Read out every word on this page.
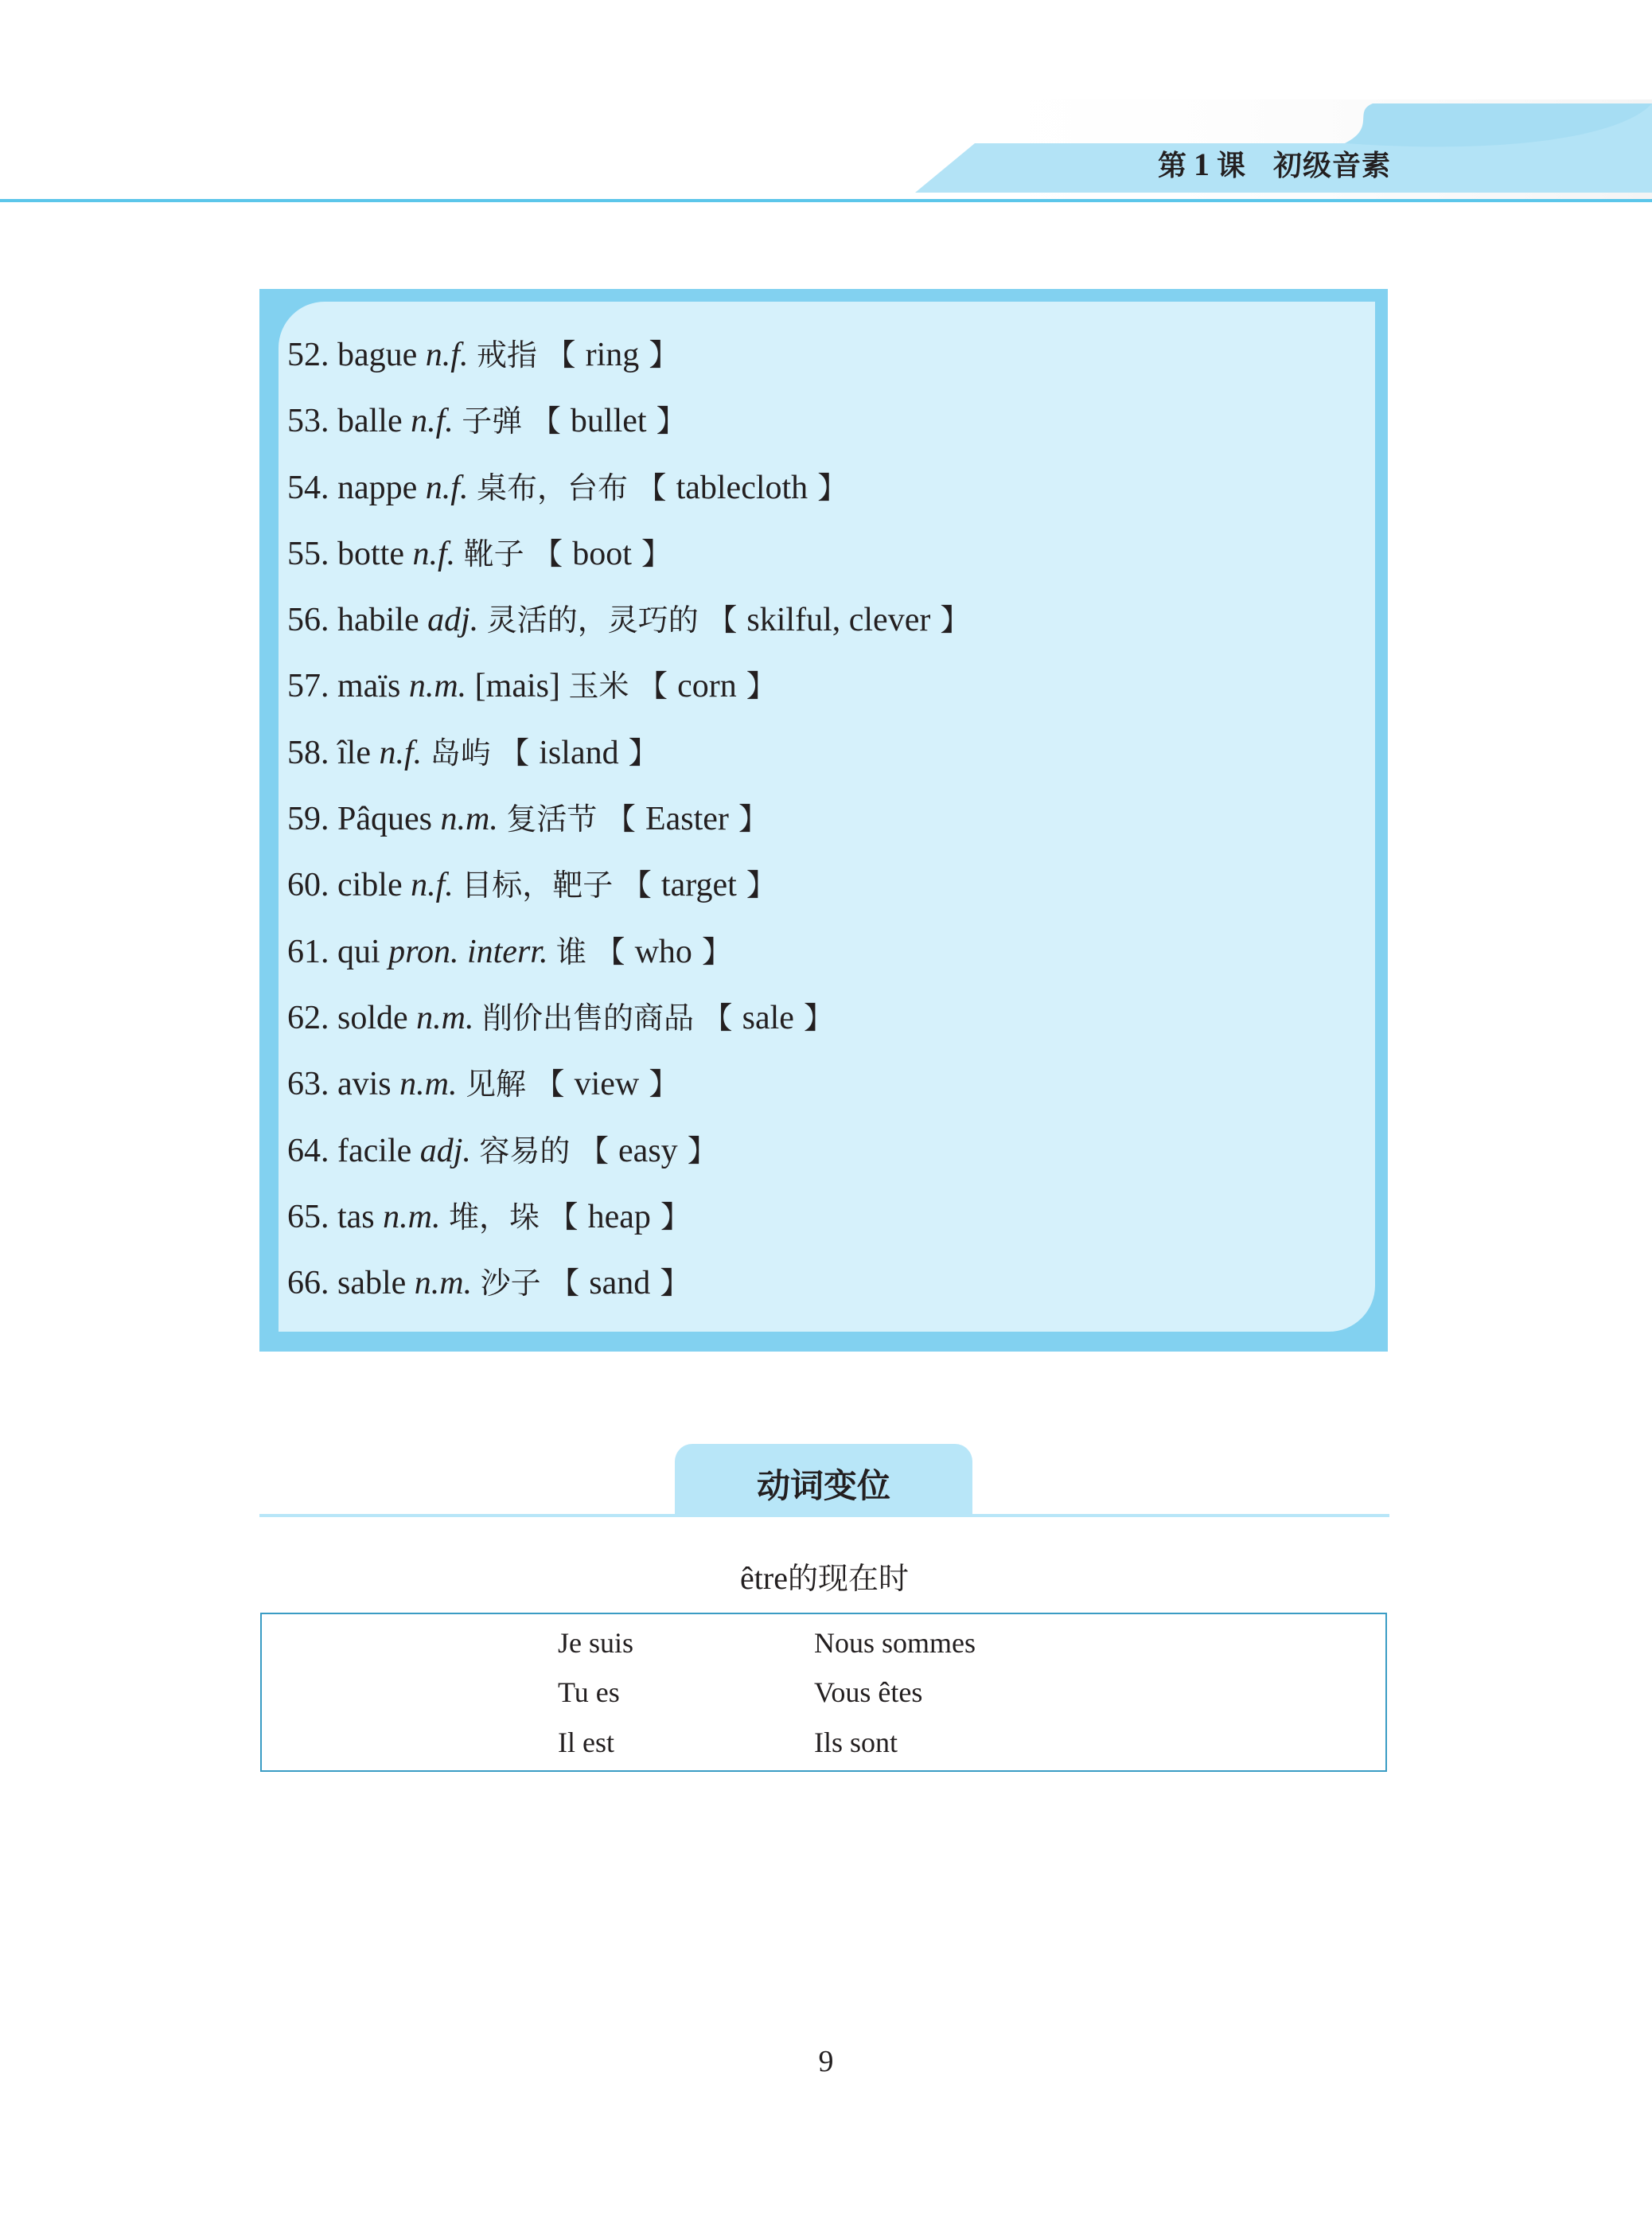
第 1 课 初级音素
52. bague n.f. 戒指 【 ring 】
53. balle n.f. 子弹 【 bullet 】
54. nappe n.f. 桌布，台布 【 tablecloth 】
55. botte n.f. 靴子 【 boot 】
56. habile adj. 灵活的，灵巧的 【 skilful, clever 】
57. maïs n.m. [mais] 玉米 【 corn 】
58. île n.f. 岛屿 【 island 】
59. Pâques n.m. 复活节 【 Easter 】
60. cible n.f. 目标，靶子 【 target 】
61. qui pron. interr. 谁 【 who 】
62. solde n.m. 削价出售的商品 【 sale 】
63. avis n.m. 见解 【 view 】
64. facile adj. 容易的 【 easy 】
65. tas n.m. 堆，垛 【 heap 】
66. sable n.m. 沙子 【 sand 】
动词变位
être的现在时
Je suis
Tu es
Il est
Nous sommes
Vous êtes
Ils sont
9
